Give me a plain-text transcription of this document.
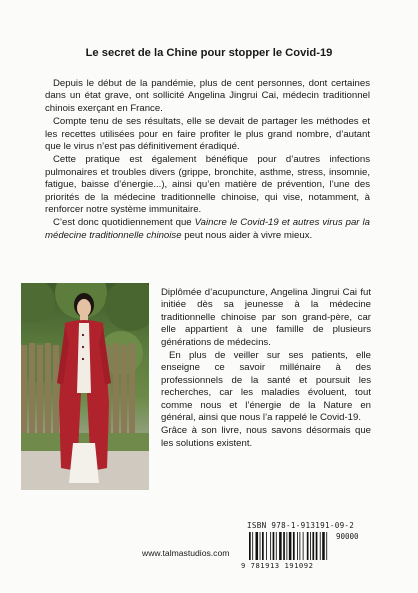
Le secret de la Chine pour stopper le Covid-19

Depuis le début de la pandémie, plus de cent personnes, dont certaines dans un état grave, ont sollicité Angelina Jingrui Cai, médecin traditionnel chinois exerçant en France.

Compte tenu de ses résultats, elle se devait de partager les méthodes et les recettes utilisées pour en faire profiter le plus grand nombre, d’autant que le virus n’est pas définitivement éradiqué.

Cette pratique est également bénéfique pour d’autres infections pulmonaires et troubles divers (grippe, bronchite, asthme, stress, insomnie, fatigue, baisse d’énergie...), ainsi qu’en matière de prévention, l’une des priorités de la médecine traditionnelle chinoise, qui vise, notamment, à renforcer notre système immunitaire.

C’est donc quotidiennement que Vaincre le Covid-19 et autres virus par la médecine traditionnelle chinoise peut nous aider à vivre mieux.

Diplômée d’acupuncture, Angelina Jingrui Cai fut initiée dès sa jeunesse à la médecine traditionnelle chinoise par son grand-père, car elle appartient à une famille de plusieurs générations de médecins.

En plus de veiller sur ses patients, elle enseigne ce savoir millénaire à des professionnels de la santé et poursuit les recherches, car les maladies évoluent, tout comme nous et l’énergie de la Nature en général, ainsi que nous l’a rappelé le Covid-19.

Grâce à son livre, nous savons désormais que les solutions existent.

ISBN 978-1-913191-09-2
90000
9 781913 191092
www.talmastudios.com
